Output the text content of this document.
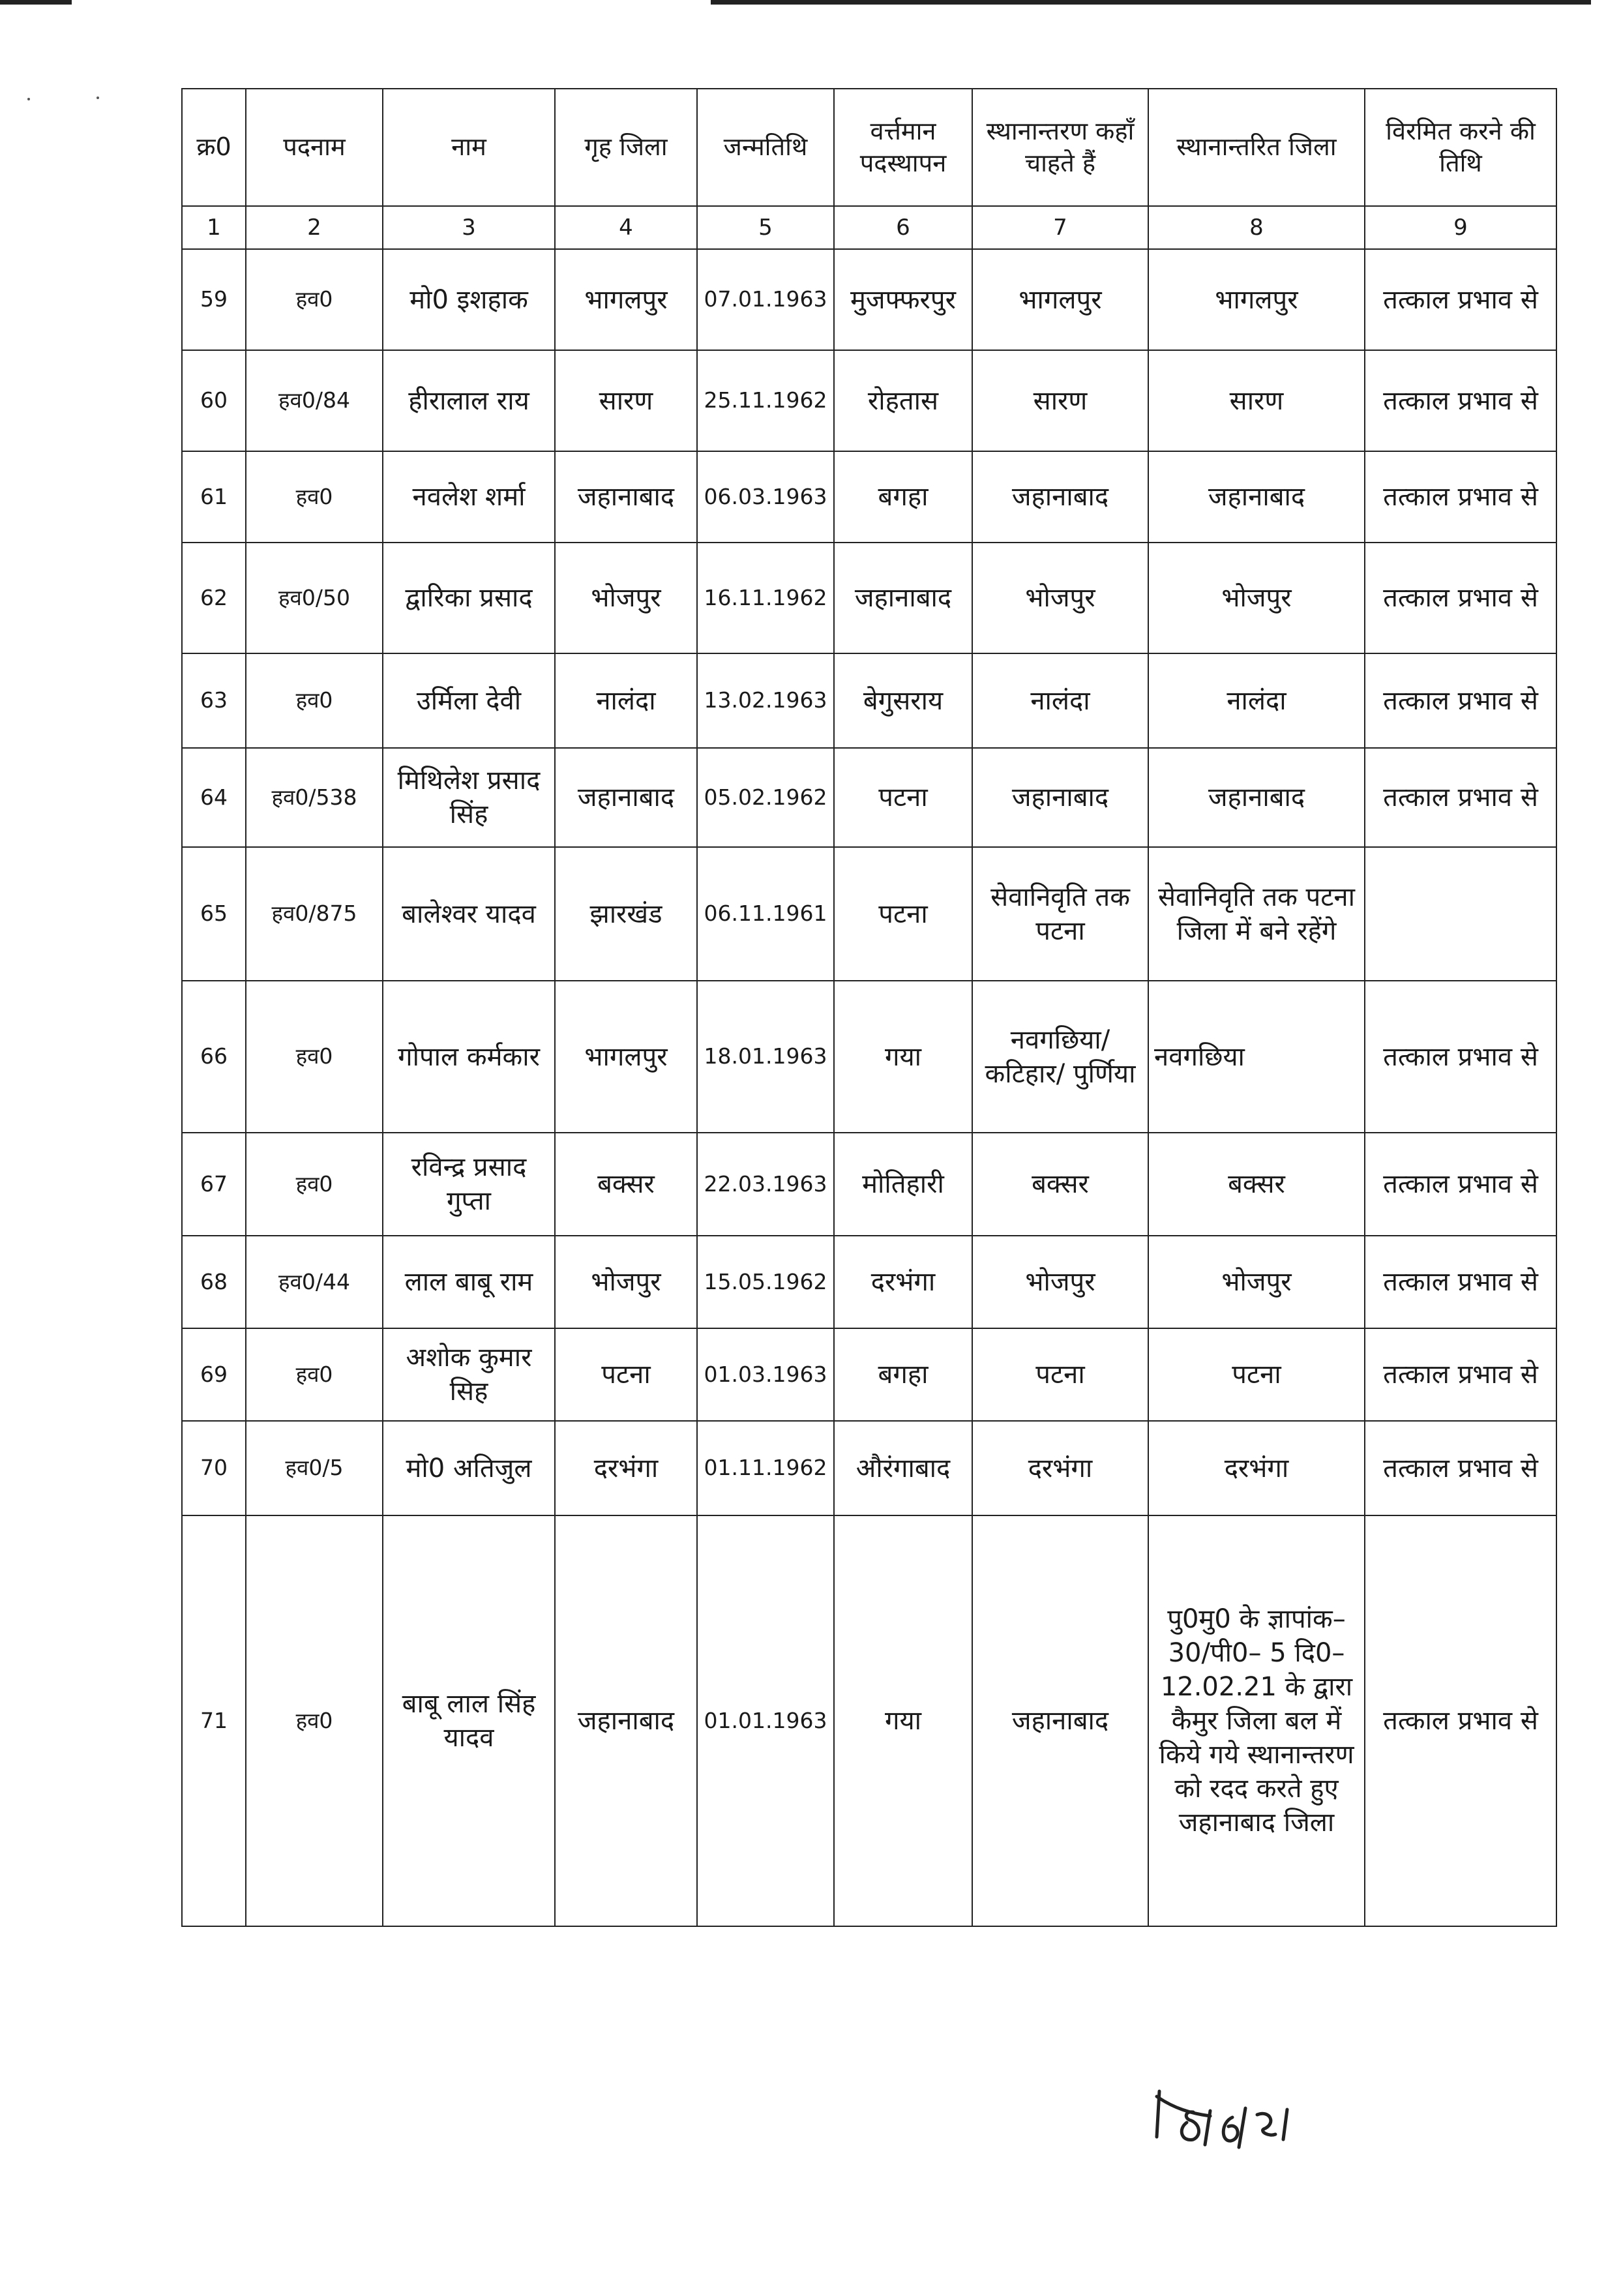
क्र0	पदनाम	नाम	गृह जिला	जन्मतिथि	वर्त्तमान पदस्थापन	स्थानान्तरण कहाँ चाहते हैं	स्थानान्तरित जिला	विरमित करने की तिथि
1	2	3	4	5	6	7	8	9
59	हव0	मो0 इशहाक	भागलपुर	07.01.1963	मुजफ्फरपुर	भागलपुर	भागलपुर	तत्काल प्रभाव से
60	हव0/84	हीरालाल राय	सारण	25.11.1962	रोहतास	सारण	सारण	तत्काल प्रभाव से
61	हव0	नवलेश शर्मा	जहानाबाद	06.03.1963	बगहा	जहानाबाद	जहानाबाद	तत्काल प्रभाव से
62	हव0/50	द्वारिका प्रसाद	भोजपुर	16.11.1962	जहानाबाद	भोजपुर	भोजपुर	तत्काल प्रभाव से
63	हव0	उर्मिला देवी	नालंदा	13.02.1963	बेगुसराय	नालंदा	नालंदा	तत्काल प्रभाव से
64	हव0/538	मिथिलेश प्रसाद सिंह	जहानाबाद	05.02.1962	पटना	जहानाबाद	जहानाबाद	तत्काल प्रभाव से
65	हव0/875	बालेश्वर यादव	झारखंड	06.11.1961	पटना	सेवानिवृति तक पटना	सेवानिवृति तक पटना जिला में बने रहेंगे	
66	हव0	गोपाल कर्मकार	भागलपुर	18.01.1963	गया	नवगछिया/ कटिहार/ पुर्णिया	नवगछिया	तत्काल प्रभाव से
67	हव0	रविन्द्र प्रसाद गुप्ता	बक्सर	22.03.1963	मोतिहारी	बक्सर	बक्सर	तत्काल प्रभाव से
68	हव0/44	लाल बाबू राम	भोजपुर	15.05.1962	दरभंगा	भोजपुर	भोजपुर	तत्काल प्रभाव से
69	हव0	अशोक कुमार सिह	पटना	01.03.1963	बगहा	पटना	पटना	तत्काल प्रभाव से
70	हव0/5	मो0 अतिजुल	दरभंगा	01.11.1962	औरंगाबाद	दरभंगा	दरभंगा	तत्काल प्रभाव से
71	हव0	बाबू लाल सिंह यादव	जहानाबाद	01.01.1963	गया	जहानाबाद	पु0मु0 के ज्ञापांक–30/पी0– 5 दि0–12.02.21 के द्वारा कैमुर जिला बल में किये गये स्थानान्तरण को रदद करते हुए जहानाबाद जिला	तत्काल प्रभाव से
